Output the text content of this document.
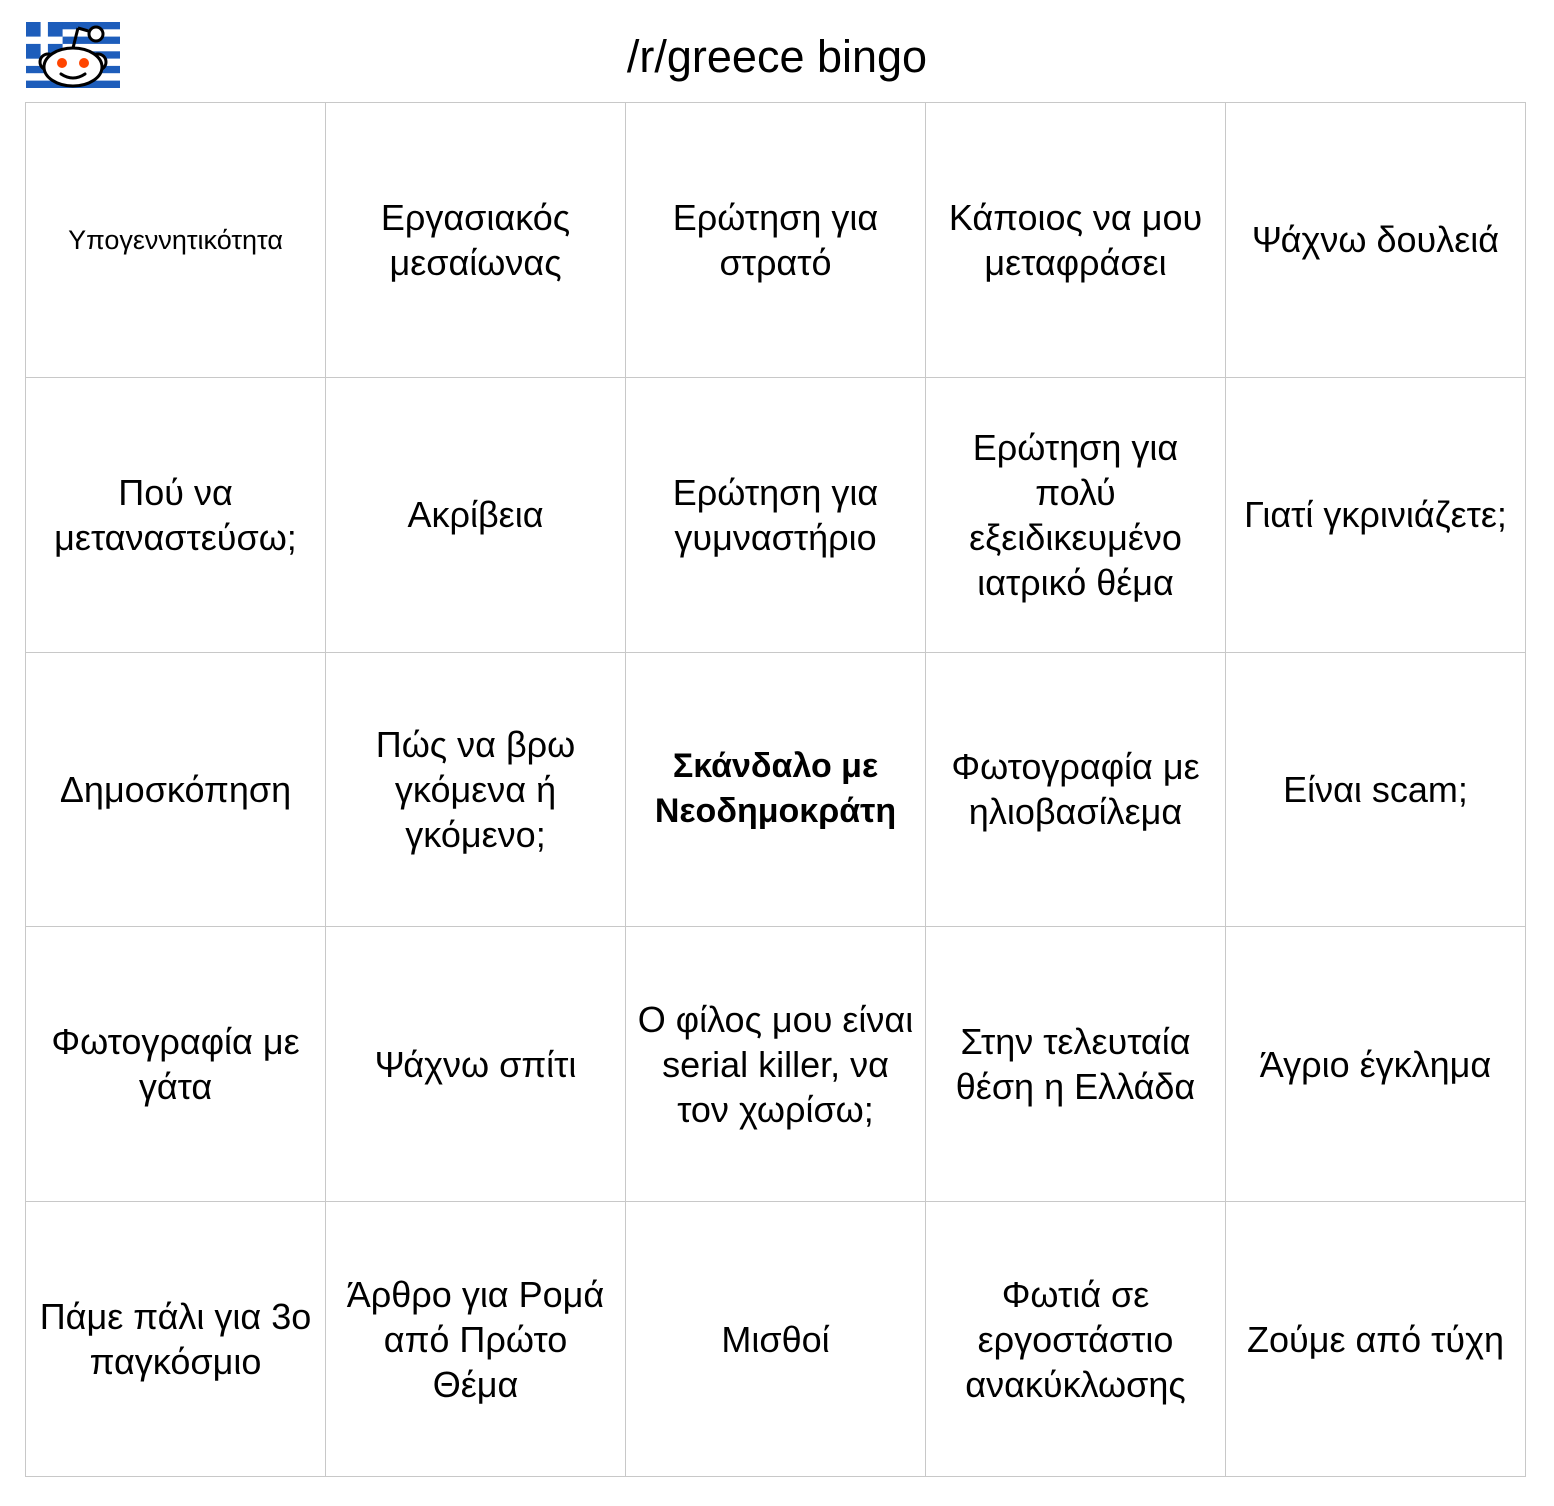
/r/greece bingo
Υπογεννητικότητα
Εργασιακός μεσαίωνας
Ερώτηση για στρατό
Κάποιος να μου μεταφράσει
Ψάχνω δουλειά
Πού να μεταναστεύσω;
Ακρίβεια
Ερώτηση για γυμναστήριο
Ερώτηση για πολύ εξειδικευμένο ιατρικό θέμα
Γιατί γκρινιάζετε;
Δημοσκόπηση
Πώς να βρω γκόμενα ή γκόμενο;
Σκάνδαλο με Νεοδημοκράτη
Φωτογραφία με ηλιοβασίλεμα
Είναι scam;
Φωτογραφία με γάτα
Ψάχνω σπίτι
Ο φίλος μου είναι serial killer, να τον χωρίσω;
Στην τελευταία θέση η Ελλάδα
Άγριο έγκλημα
Πάμε πάλι για 3ο παγκόσμιο
Άρθρο για Ρομά από Πρώτο Θέμα
Μισθοί
Φωτιά σε εργοστάστιο ανακύκλωσης
Ζούμε από τύχη
